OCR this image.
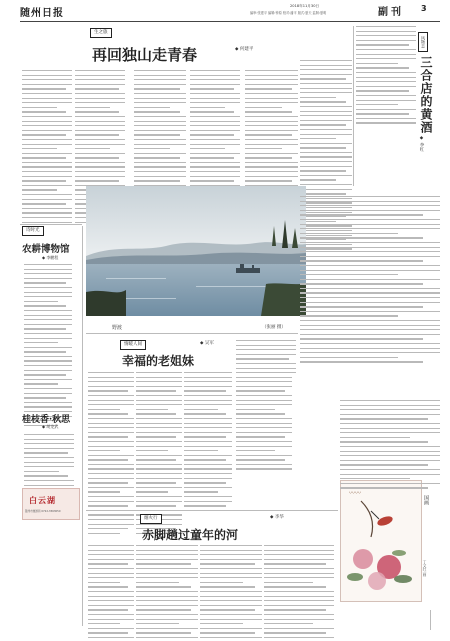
随州日报
2018年11月30日
编审:张建平 编辑:钟原 校对:潘平 版式:夏天 监制:夏明	副刊 3
诗时光
农耕博物馆
◆ 李鹏程
桂枝香·秋思
◆ 胡龙武
白云湖
随州市旅游局 0722-3563050
生之旅
再回独山走青春	◆ 何建平
野渡	（张丽 摄）
风物志
三合店的黄酒
◆ 李红
情暖人间	◆ 吴军
幸福的老姐妹
〰〰
国画
丁文红 画
烟火行	◆ 李华
赤脚趟过童年的河
